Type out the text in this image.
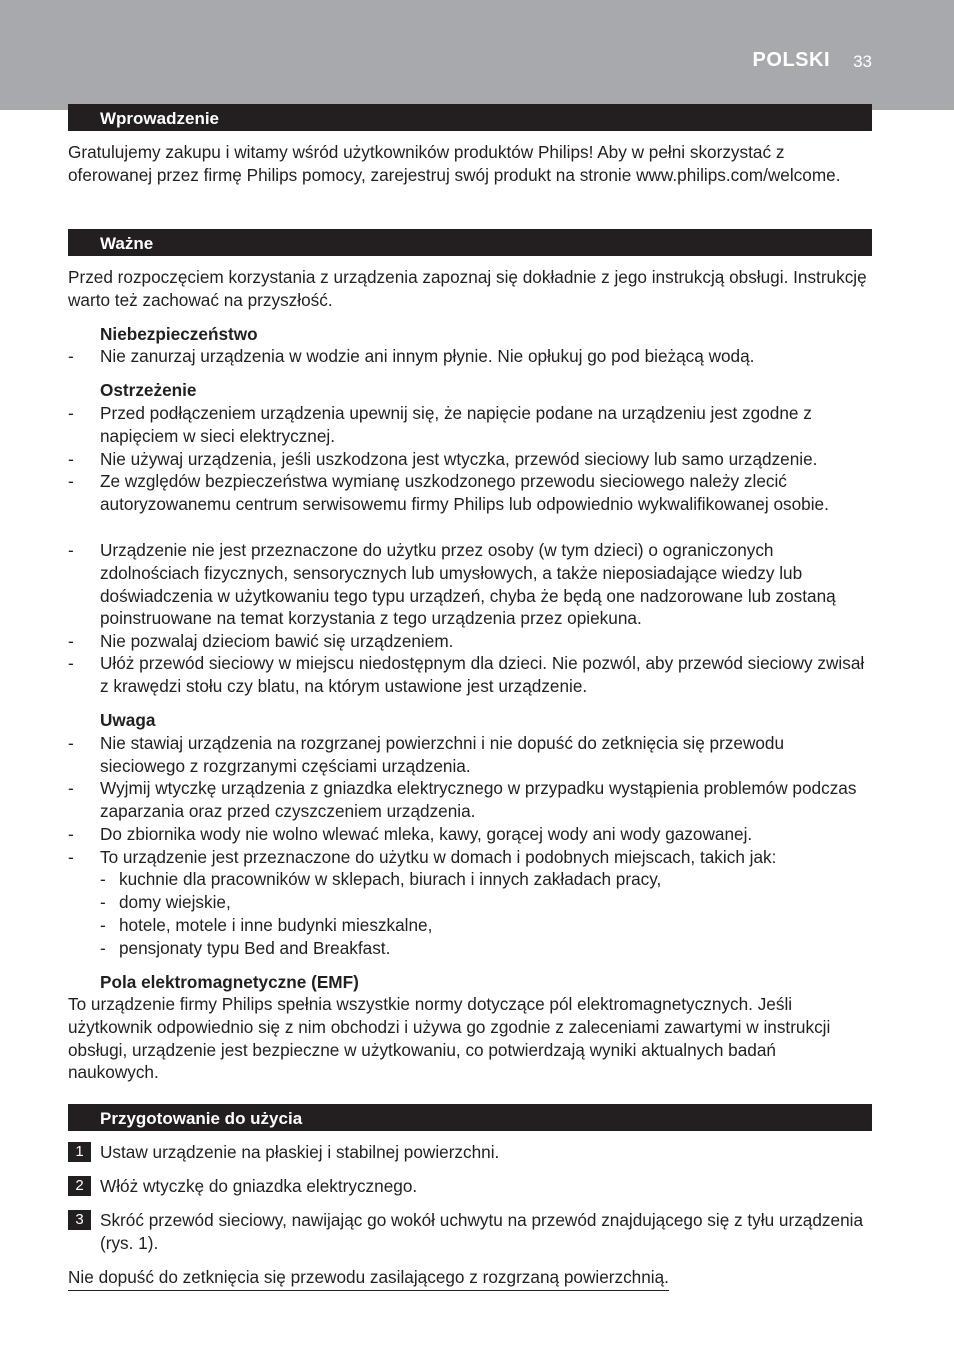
POLSKI 33
Wprowadzenie

Gratulujemy zakupu i witamy wśród użytkowników produktów Philips! Aby w pełni skorzystać z oferowanej przez firmę Philips pomocy, zarejestruj swój produkt na stronie www.philips.com/welcome.

Ważne

Przed rozpoczęciem korzystania z urządzenia zapoznaj się dokładnie z jego instrukcją obsługi. Instrukcję warto też zachować na przyszłość.

Niebezpieczeństwo

- Nie zanurzaj urządzenia w wodzie ani innym płynie. Nie opłukuj go pod bieżącą wodą.

Ostrzeżenie

- Przed podłączeniem urządzenia upewnij się, że napięcie podane na urządzeniu jest zgodne z napięciem w sieci elektrycznej.
- Nie używaj urządzenia, jeśli uszkodzona jest wtyczka, przewód sieciowy lub samo urządzenie.
- Ze względów bezpieczeństwa wymianę uszkodzonego przewodu sieciowego należy zlecić autoryzowanemu centrum serwisowemu firmy Philips lub odpowiednio wykwalifikowanej osobie.
- Urządzenie nie jest przeznaczone do użytku przez osoby (w tym dzieci) o ograniczonych zdolnościach fizycznych, sensorycznych lub umysłowych, a także nieposiadające wiedzy lub doświadczenia w użytkowaniu tego typu urządzeń, chyba że będą one nadzorowane lub zostaną poinstruowane na temat korzystania z tego urządzenia przez opiekuna.
- Nie pozwalaj dzieciom bawić się urządzeniem.
- Ułóż przewód sieciowy w miejscu niedostępnym dla dzieci. Nie pozwól, aby przewód sieciowy zwisał z krawędzi stołu czy blatu, na którym ustawione jest urządzenie.

Uwaga

- Nie stawiaj urządzenia na rozgrzanej powierzchni i nie dopuść do zetknięcia się przewodu sieciowego z rozgrzanymi częściami urządzenia.
- Wyjmij wtyczkę urządzenia z gniazdka elektrycznego w przypadku wystąpienia problemów podczas zaparzania oraz przed czyszczeniem urządzenia.
- Do zbiornika wody nie wolno wlewać mleka, kawy, gorącej wody ani wody gazowanej.
- To urządzenie jest przeznaczone do użytku w domach i podobnych miejscach, takich jak:
- kuchnie dla pracowników w sklepach, biurach i innych zakładach pracy,
- domy wiejskie,
- hotele, motele i inne budynki mieszkalne,
- pensjonaty typu Bed and Breakfast.

Pola elektromagnetyczne (EMF)

To urządzenie firmy Philips spełnia wszystkie normy dotyczące pól elektromagnetycznych. Jeśli użytkownik odpowiednio się z nim obchodzi i używa go zgodnie z zaleceniami zawartymi w instrukcji obsługi, urządzenie jest bezpieczne w użytkowaniu, co potwierdzają wyniki aktualnych badań naukowych.

Przygotowanie do użycia
1 Ustaw urządzenie na płaskiej i stabilnej powierzchni.
2 Włóż wtyczkę do gniazdka elektrycznego.
3 Skróć przewód sieciowy, nawijając go wokół uchwytu na przewód znajdującego się z tyłu urządzenia (rys. 1).

Nie dopuść do zetknięcia się przewodu zasilającego z rozgrzaną powierzchnią.
